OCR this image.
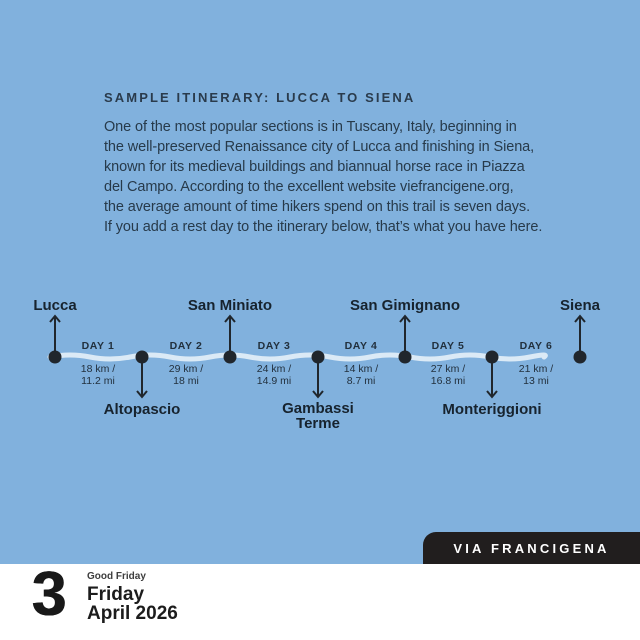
SAMPLE ITINERARY: LUCCA TO SIENA
One of the most popular sections is in Tuscany, Italy, beginning in
the well-preserved Renaissance city of Lucca and finishing in Siena,
known for its medieval buildings and biannual horse race in Piazza
del Campo. According to the excellent website viefrancigene.org,
the average amount of time hikers spend on this trail is seven days.
If you add a rest day to the itinerary below, that’s what you have here.
Lucca
Altopascio
San Miniato
Gambassi
Terme
San Gimignano
Monteriggioni
Siena
DAY 1	DAY 2	DAY 3	DAY 4	DAY 5	DAY 6
18 km /	29 km /	24 km /	14 km /	27 km /	21 km /
11.2 mi	18 mi	14.9 mi	8.7 mi	16.8 mi	13 mi
VIA FRANCIGENA
3 Good Friday
Friday
April 2026
